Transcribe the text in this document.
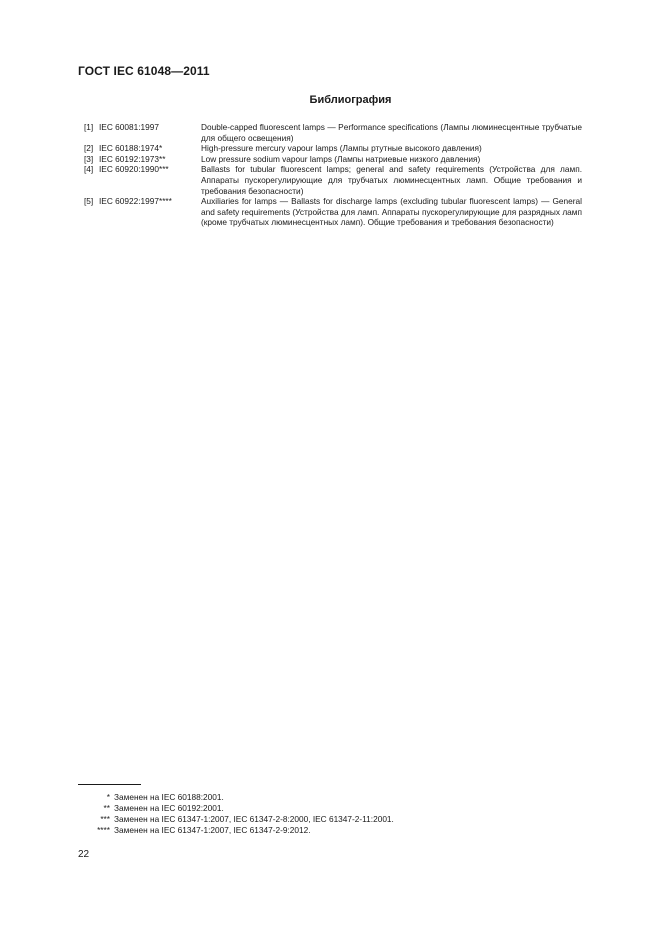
ГОСТ IEC 61048—2011
Библиография
[1] IEC 60081:1997	Double-capped fluorescent lamps — Performance specifications (Лампы люминесцентные трубчатые для общего освещения)
[2] IEC 60188:1974*	High-pressure mercury vapour lamps (Лампы ртутные высокого давления)
[3] IEC 60192:1973**	Low pressure sodium vapour lamps (Лампы натриевые низкого давления)
[4] IEC 60920:1990***	Ballasts for tubular fluorescent lamps; general and safety requirements (Устройства для ламп. Аппараты пускорегулирующие для трубчатых люминесцентных ламп. Общие требования и требования безопасности)
[5] IEC 60922:1997****	Auxiliaries for lamps — Ballasts for discharge lamps (excluding tubular fluorescent lamps) — General and safety requirements (Устройства для ламп. Аппараты пускорегулирующие для разрядных ламп (кроме трубчатых люминесцентных ламп). Общие требования и требования безопасности)
* Заменен на IEC 60188:2001.
** Заменен на IEC 60192:2001.
*** Заменен на IEC 61347-1:2007, IEC 61347-2-8:2000, IEC 61347-2-11:2001.
**** Заменен на IEC 61347-1:2007, IEC 61347-2-9:2012.
22
